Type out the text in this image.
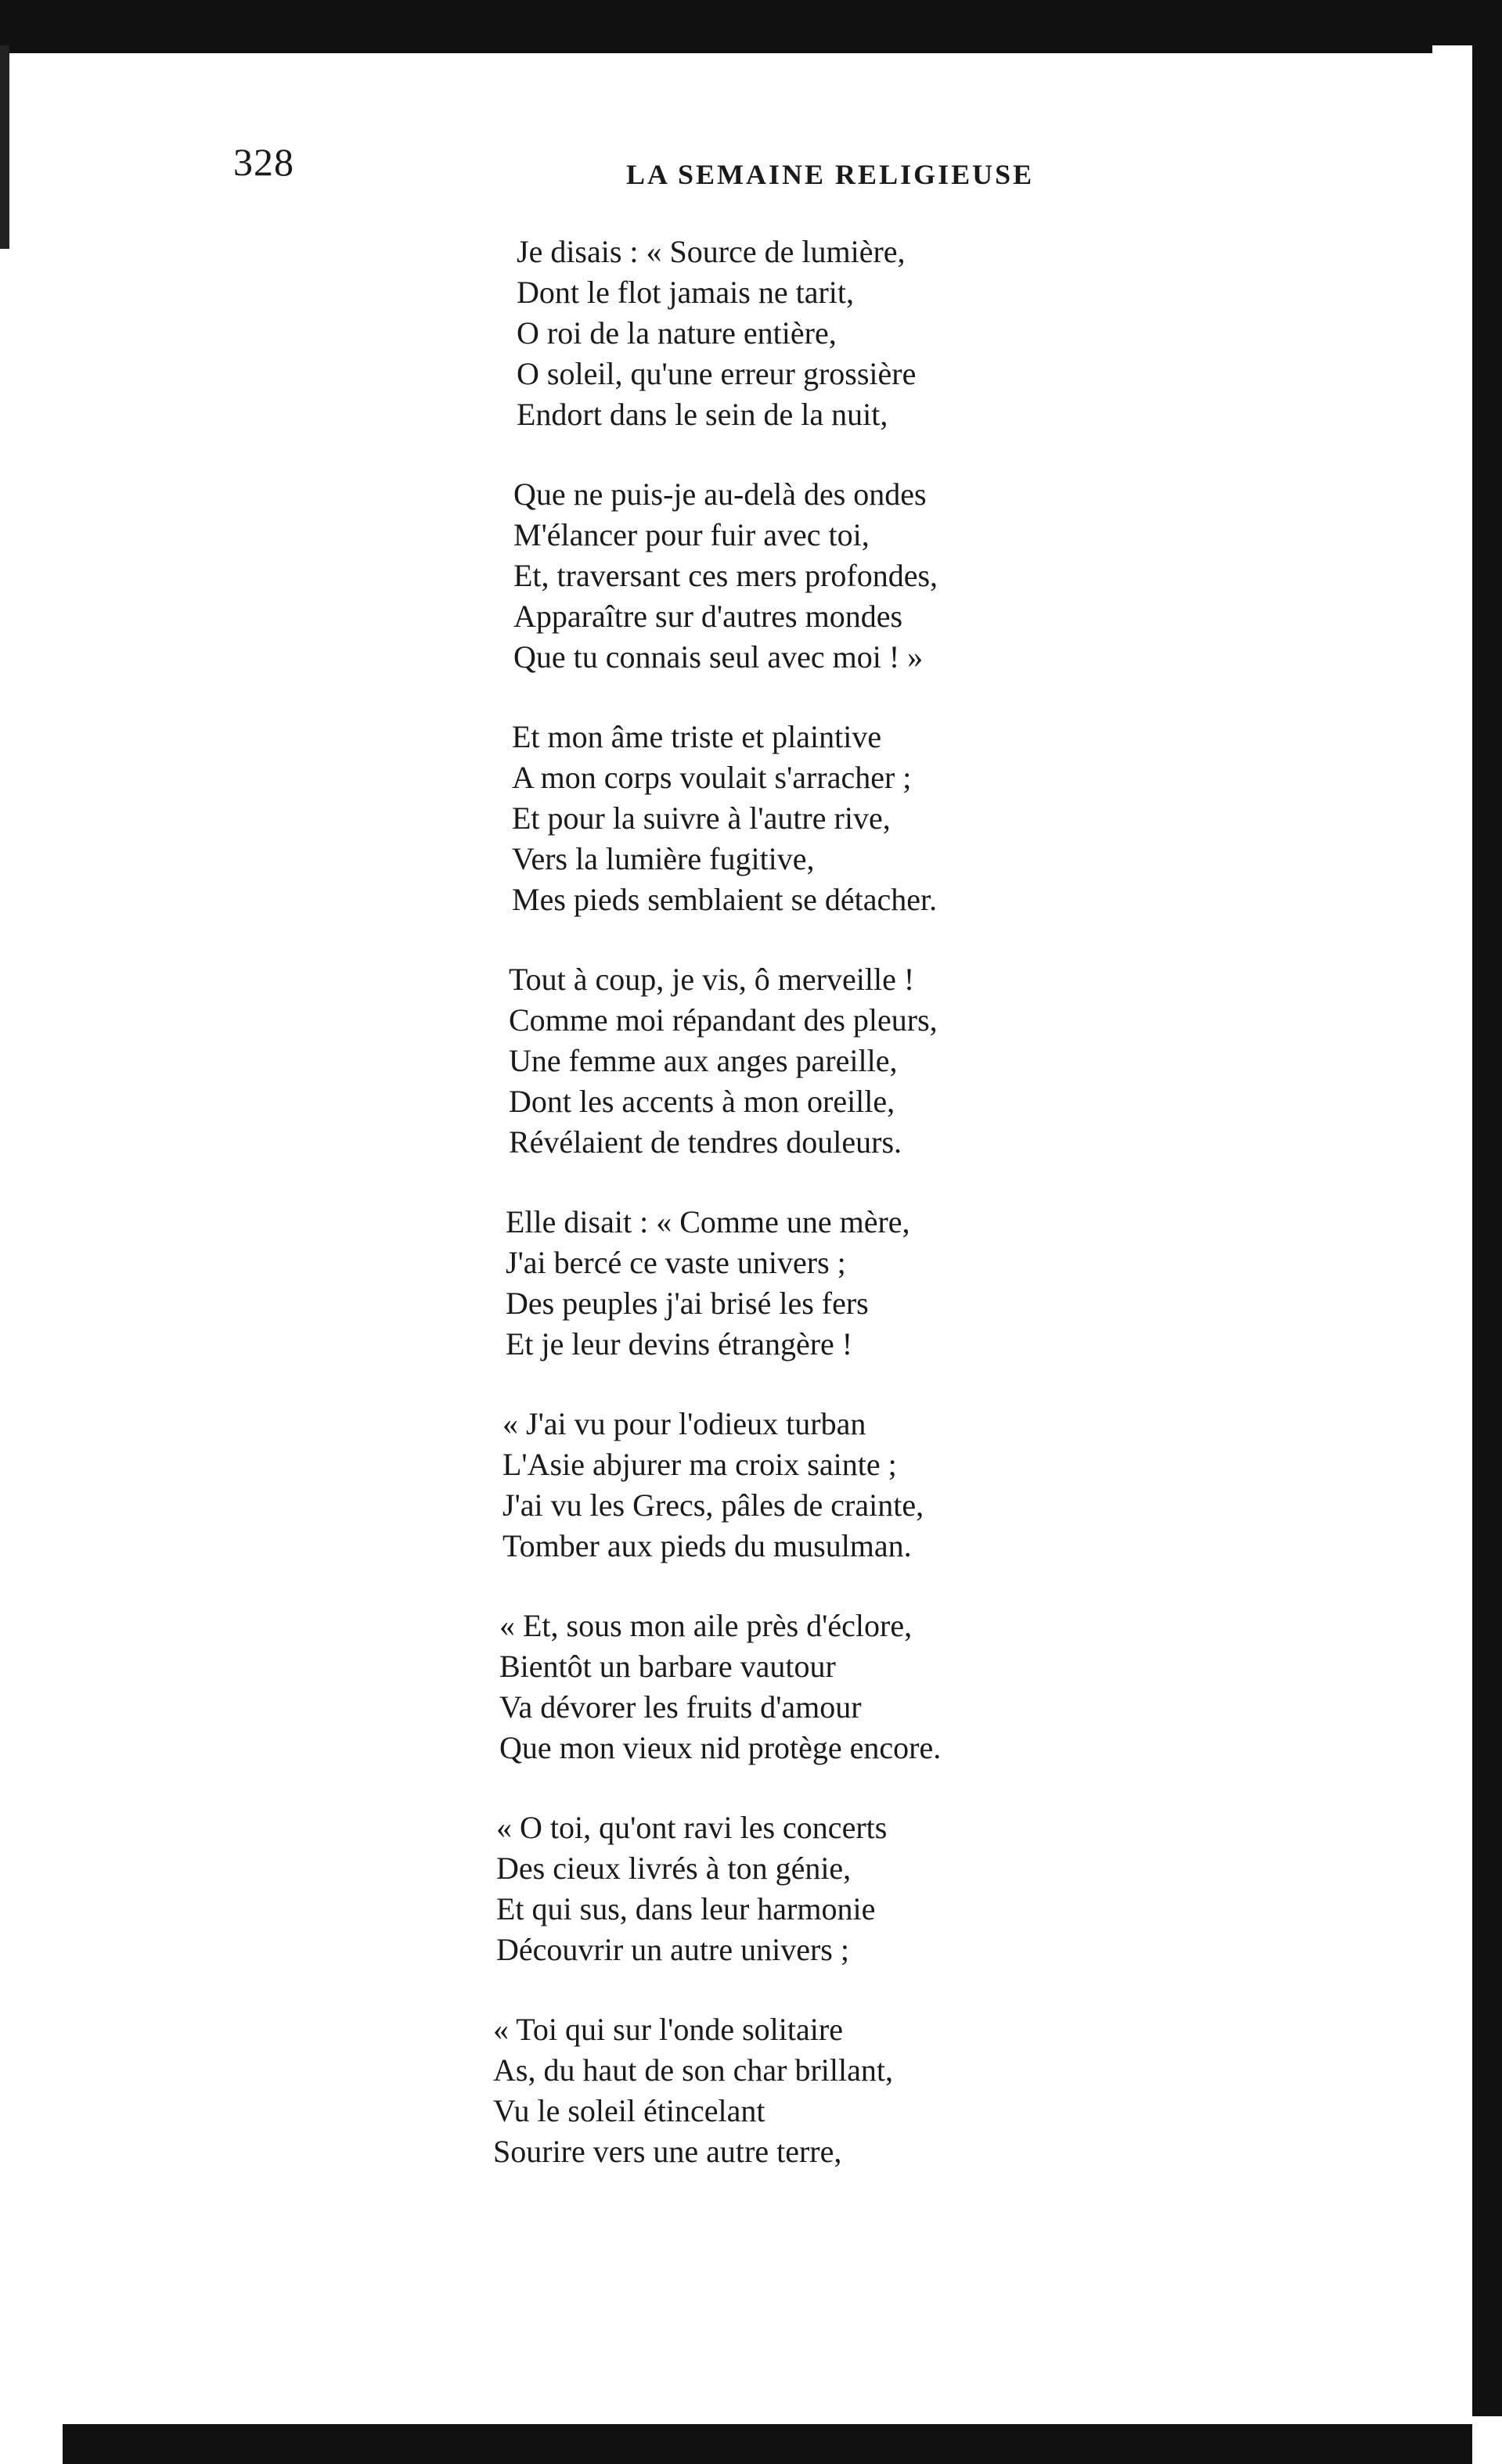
328	LA SEMAINE RELIGIEUSE
Je disais : « Source de lumière,
Dont le flot jamais ne tarit,
O roi de la nature entière,
O soleil, qu'une erreur grossière
Endort dans le sein de la nuit,
Que ne puis-je au-delà des ondes
M'élancer pour fuir avec toi,
Et, traversant ces mers profondes,
Apparaître sur d'autres mondes
Que tu connais seul avec moi ! »
Et mon âme triste et plaintive
A mon corps voulait s'arracher ;
Et pour la suivre à l'autre rive,
Vers la lumière fugitive,
Mes pieds semblaient se détacher.
Tout à coup, je vis, ô merveille !
Comme moi répandant des pleurs,
Une femme aux anges pareille,
Dont les accents à mon oreille,
Révélaient de tendres douleurs.
Elle disait : « Comme une mère,
J'ai bercé ce vaste univers ;
Des peuples j'ai brisé les fers
Et je leur devins étrangère !
« J'ai vu pour l'odieux turban
L'Asie abjurer ma croix sainte ;
J'ai vu les Grecs, pâles de crainte,
Tomber aux pieds du musulman.
« Et, sous mon aile près d'éclore,
Bientôt un barbare vautour
Va dévorer les fruits d'amour
Que mon vieux nid protège encore.
« O toi, qu'ont ravi les concerts
Des cieux livrés à ton génie,
Et qui sus, dans leur harmonie
Découvrir un autre univers ;
« Toi qui sur l'onde solitaire
As, du haut de son char brillant,
Vu le soleil étincelant
Sourire vers une autre terre,
